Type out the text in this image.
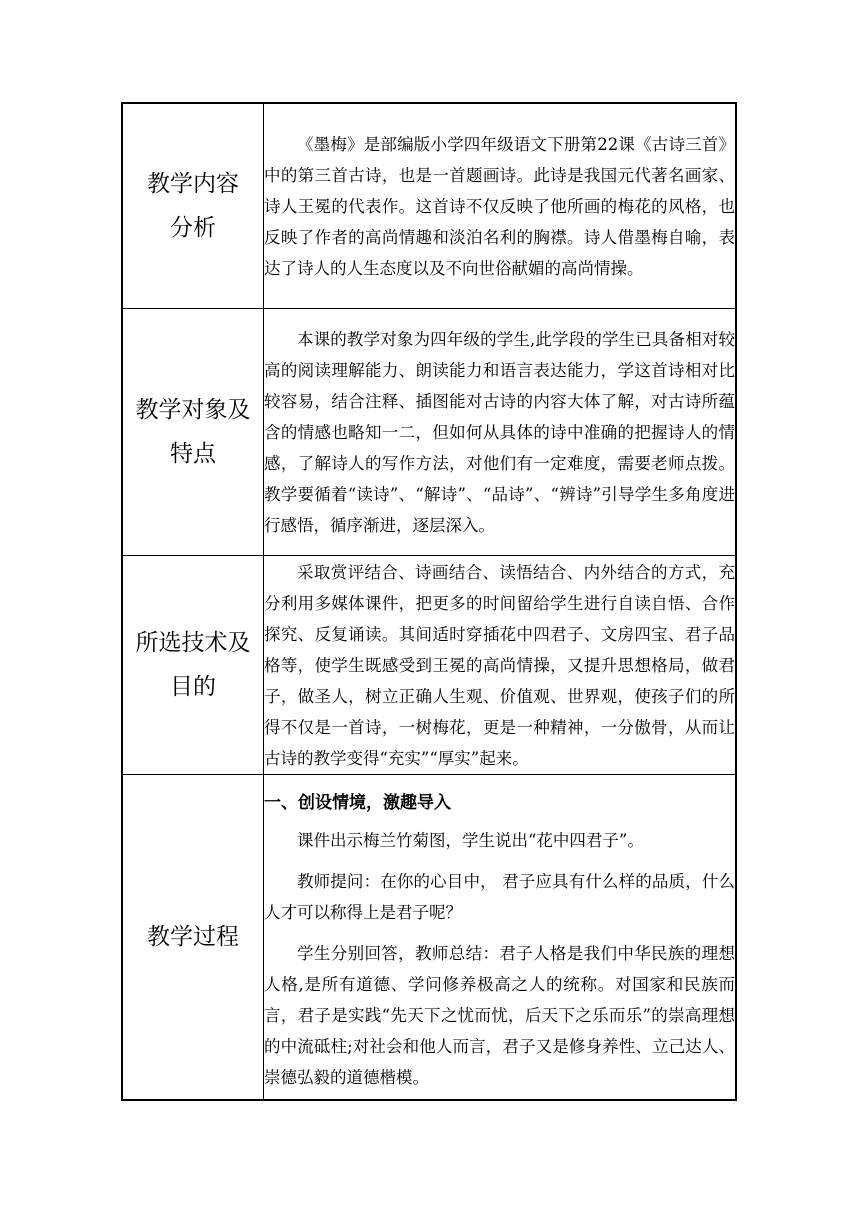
教学内容
分析	《墨梅》是部编版小学四年级语文下册第22课《古诗三首》中的第三首古诗，也是一首题画诗。此诗是我国元代著名画家、诗人王冕的代表作。这首诗不仅反映了他所画的梅花的风格，也反映了作者的高尚情趣和淡泊名利的胸襟。诗人借墨梅自喻，表达了诗人的人生态度以及不向世俗献媚的高尚情操。

教学对象及
特点	本课的教学对象为四年级的学生,此学段的学生已具备相对较高的阅读理解能力、朗读能力和语言表达能力，学这首诗相对比较容易，结合注释、插图能对古诗的内容大体了解，对古诗所蕴含的情感也略知一二，但如何从具体的诗中准确的把握诗人的情感，了解诗人的写作方法，对他们有一定难度，需要老师点拨。教学要循着“读诗”、“解诗”、“品诗”、“辨诗”引导学生多角度进行感悟，循序渐进，逐层深入。

所选技术及
目的	采取赏评结合、诗画结合、读悟结合、内外结合的方式，充分利用多媒体课件，把更多的时间留给学生进行自读自悟、合作探究、反复诵读。其间适时穿插花中四君子、文房四宝、君子品格等，使学生既感受到王冕的高尚情操，又提升思想格局，做君子，做圣人，树立正确人生观、价值观、世界观，使孩子们的所得不仅是一首诗，一树梅花，更是一种精神，一分傲骨，从而让古诗的教学变得“充实”“厚实”起来。

教学过程	一、创设情境，激趣导入

课件出示梅兰竹菊图，学生说出“花中四君子”。

教师提问：在你的心目中， 君子应具有什么样的品质，什么人才可以称得上是君子呢？

学生分别回答，教师总结：君子人格是我们中华民族的理想人格,是所有道德、学问修养极高之人的统称。对国家和民族而言，君子是实践“先天下之忧而忧，后天下之乐而乐”的崇高理想的中流砥柱;对社会和他人而言，君子又是修身养性、立己达人、崇德弘毅的道德楷模。
